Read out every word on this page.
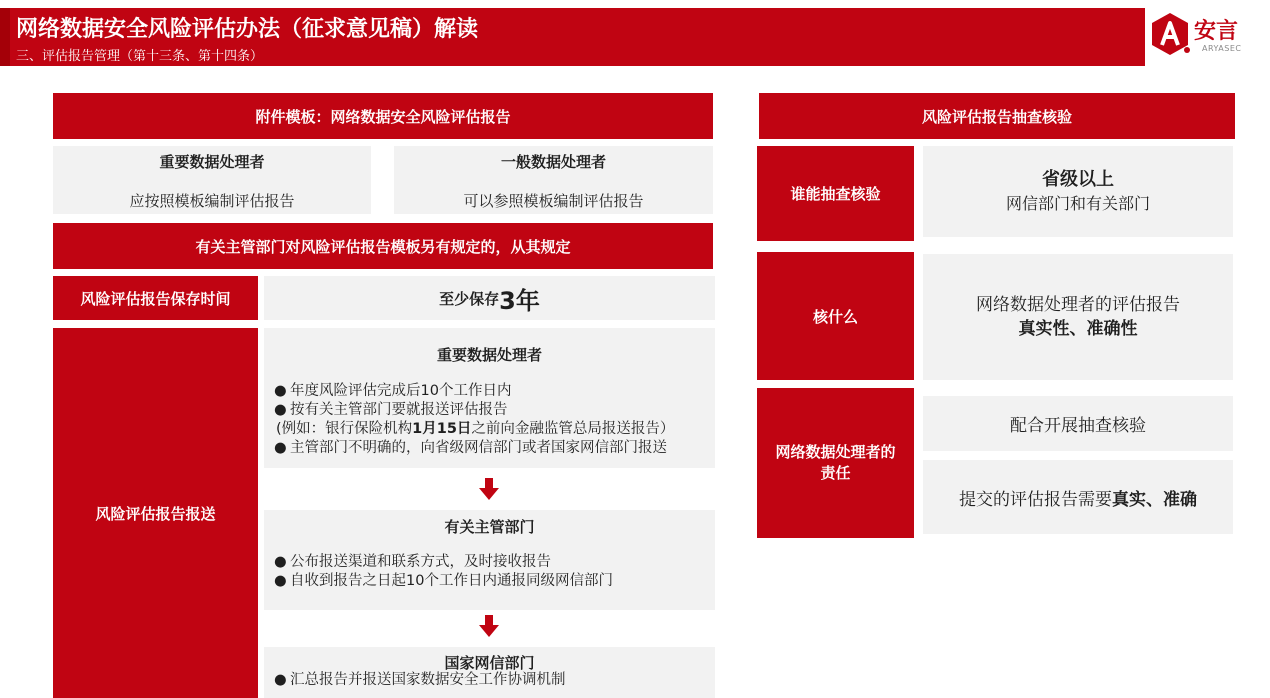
网络数据安全风险评估办法（征求意见稿）解读
三、评估报告管理（第十三条、第十四条）
安言
ARYASEC
附件模板：网络数据安全风险评估报告
重要数据处理者
应按照模板编制评估报告
一般数据处理者
可以参照模板编制评估报告
有关主管部门对风险评估报告模板另有规定的，从其规定
风险评估报告保存时间	至少保存 3年
风险评估报告报送
重要数据处理者
● 年度风险评估完成后10个工作日内
● 按有关主管部门要就报送评估报告
(例如：银行保险机构1月15日之前向金融监管总局报送报告）
● 主管部门不明确的，向省级网信部门或者国家网信部门报送
有关主管部门
● 公布报送渠道和联系方式，及时接收报告
● 自收到报告之日起10个工作日内通报同级网信部门
国家网信部门
● 汇总报告并报送国家数据安全工作协调机制
风险评估报告抽查核验
谁能抽查核验
省级以上
网信部门和有关部门
核什么
网络数据处理者的评估报告
真实性、准确性
网络数据处理者的责任
配合开展抽查核验
提交的评估报告需要 真实、准确
